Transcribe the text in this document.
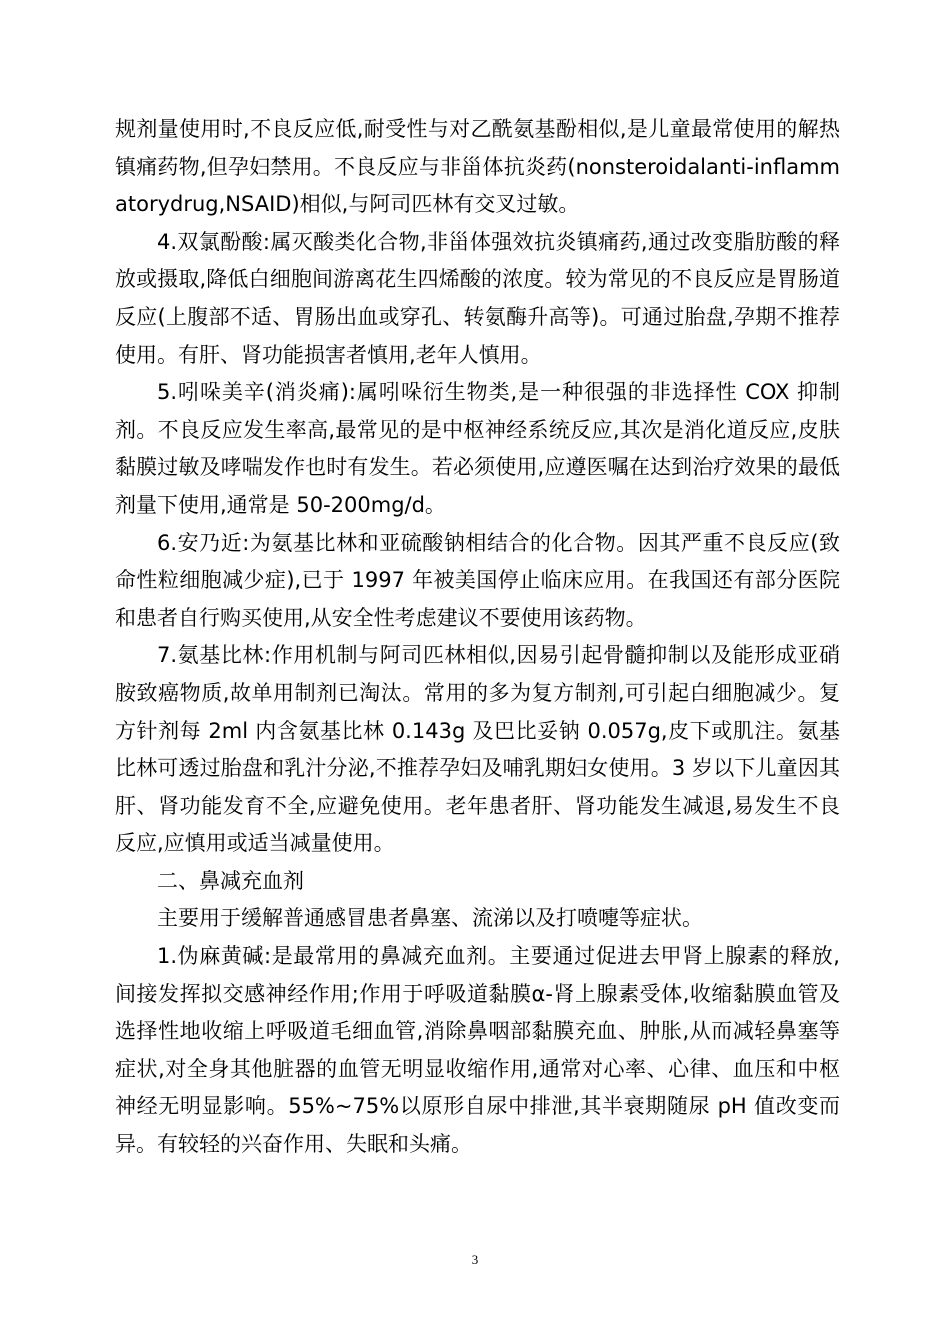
规剂量使用时,不良反应低,耐受性与对乙酰氨基酚相似,是儿童最常使用的解热镇痛药物,但孕妇禁用。不良反应与非甾体抗炎药(nonsteroidalanti-inflammatorydrug,NSAID)相似,与阿司匹林有交叉过敏。

4.双氯酚酸:属灭酸类化合物,非甾体强效抗炎镇痛药,通过改变脂肪酸的释放或摄取,降低白细胞间游离花生四烯酸的浓度。较为常见的不良反应是胃肠道反应(上腹部不适、胃肠出血或穿孔、转氨酶升高等)。可通过胎盘,孕期不推荐使用。有肝、肾功能损害者慎用,老年人慎用。

5.吲哚美辛(消炎痛):属吲哚衍生物类,是一种很强的非选择性 COX 抑制剂。不良反应发生率高,最常见的是中枢神经系统反应,其次是消化道反应,皮肤黏膜过敏及哮喘发作也时有发生。若必须使用,应遵医嘱在达到治疗效果的最低剂量下使用,通常是 50-200mg/d。

6.安乃近:为氨基比林和亚硫酸钠相结合的化合物。因其严重不良反应(致命性粒细胞减少症),已于 1997 年被美国停止临床应用。在我国还有部分医院和患者自行购买使用,从安全性考虑建议不要使用该药物。

7.氨基比林:作用机制与阿司匹林相似,因易引起骨髓抑制以及能形成亚硝胺致癌物质,故单用制剂已淘汰。常用的多为复方制剂,可引起白细胞减少。复方针剂每 2ml 内含氨基比林 0.143g 及巴比妥钠 0.057g,皮下或肌注。氨基比林可透过胎盘和乳汁分泌,不推荐孕妇及哺乳期妇女使用。3 岁以下儿童因其肝、肾功能发育不全,应避免使用。老年患者肝、肾功能发生减退,易发生不良反应,应慎用或适当减量使用。

二、鼻减充血剂

主要用于缓解普通感冒患者鼻塞、流涕以及打喷嚏等症状。

1.伪麻黄碱:是最常用的鼻减充血剂。主要通过促进去甲肾上腺素的释放,间接发挥拟交感神经作用;作用于呼吸道黏膜α-肾上腺素受体,收缩黏膜血管及选择性地收缩上呼吸道毛细血管,消除鼻咽部黏膜充血、肿胀,从而减轻鼻塞等症状,对全身其他脏器的血管无明显收缩作用,通常对心率、心律、血压和中枢神经无明显影响。55%~75%以原形自尿中排泄,其半衰期随尿 pH 值改变而异。有较轻的兴奋作用、失眠和头痛。

3
